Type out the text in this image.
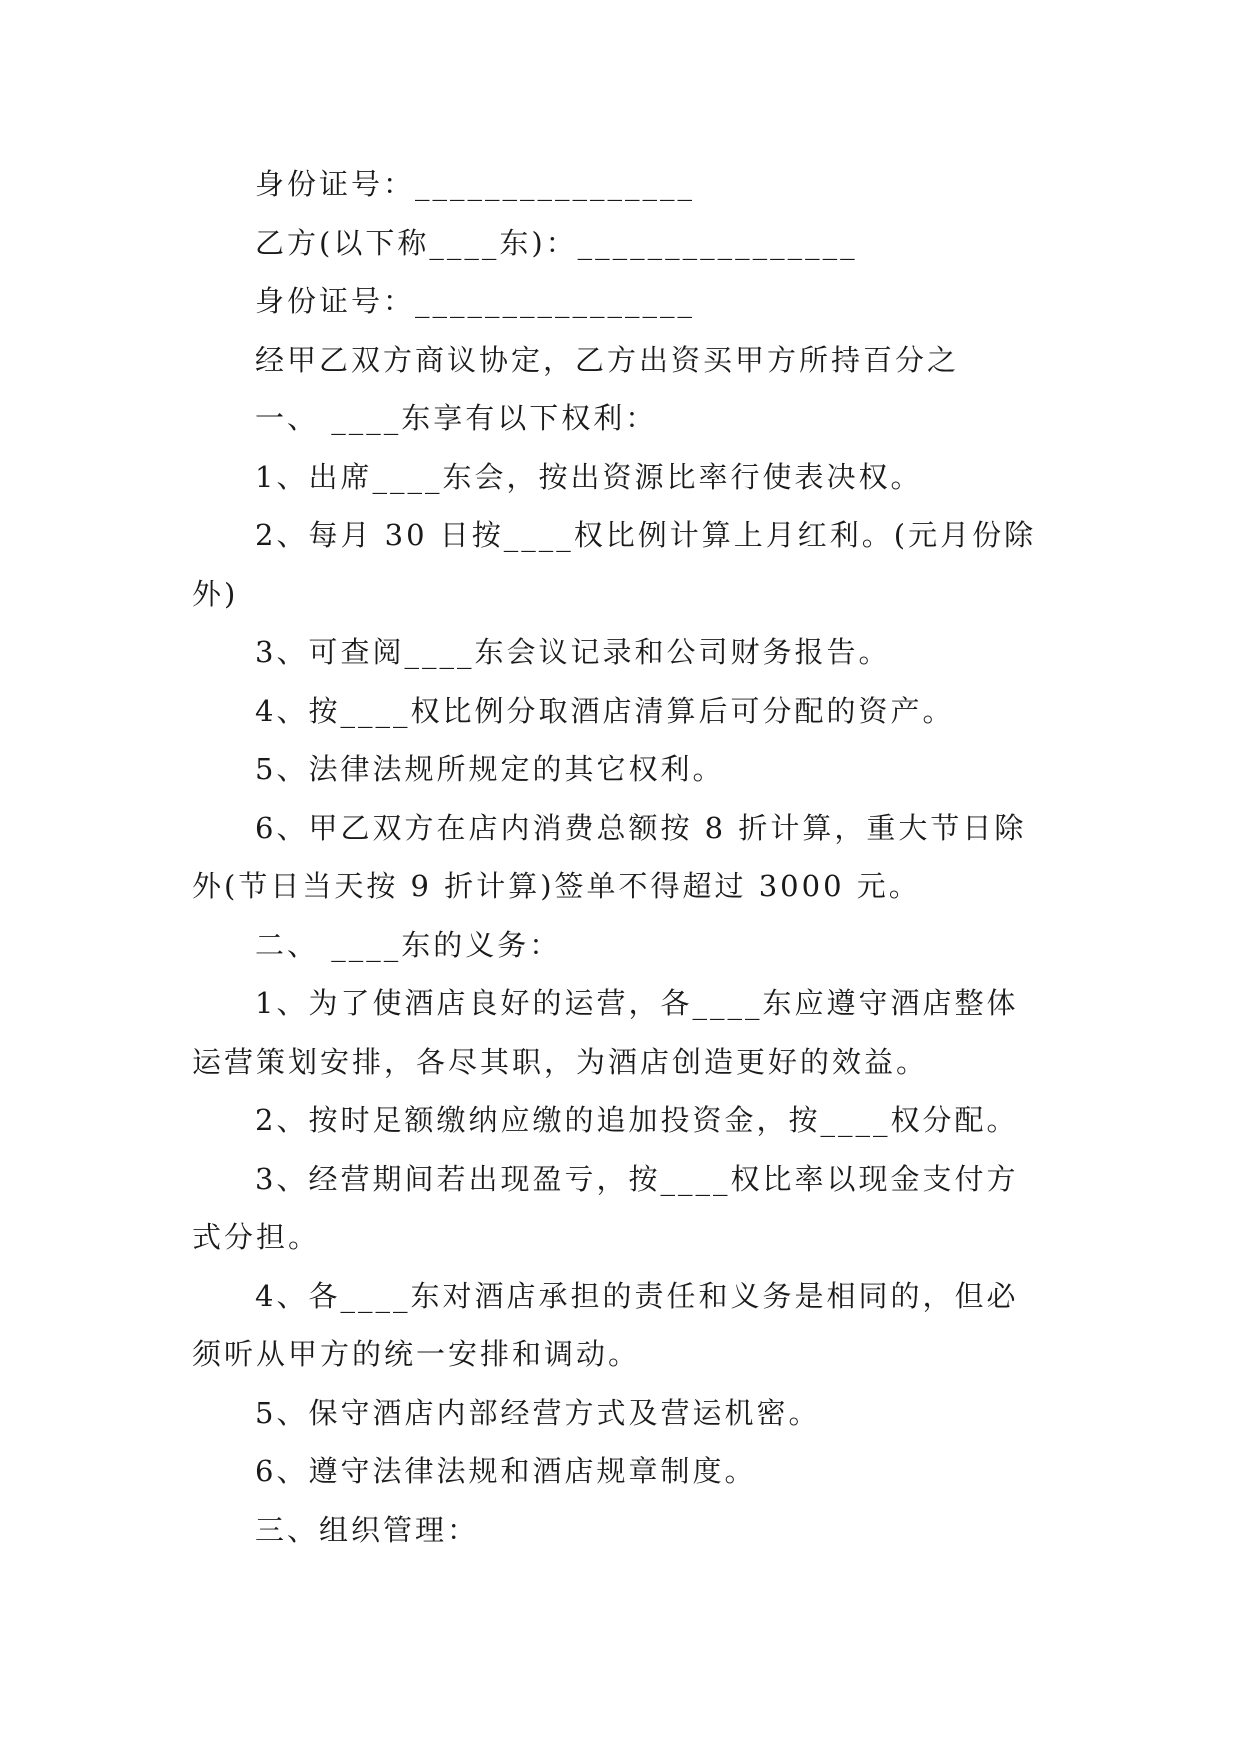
身份证号：________________
乙方(以下称____东)：________________
身份证号：________________
经甲乙双方商议协定，乙方出资买甲方所持百分之
一、 ____东享有以下权利：
1、出席____东会，按出资源比率行使表决权。
2、每月 30 日按____权比例计算上月红利。(元月份除
外)
3、可查阅____东会议记录和公司财务报告。
4、按____权比例分取酒店清算后可分配的资产。
5、法律法规所规定的其它权利。
6、甲乙双方在店内消费总额按 8 折计算，重大节日除
外(节日当天按 9 折计算)签单不得超过 3000 元。
二、 ____东的义务：
1、为了使酒店良好的运营，各____东应遵守酒店整体
运营策划安排，各尽其职，为酒店创造更好的效益。
2、按时足额缴纳应缴的追加投资金，按____权分配。
3、经营期间若出现盈亏，按____权比率以现金支付方
式分担。
4、各____东对酒店承担的责任和义务是相同的，但必
须听从甲方的统一安排和调动。
5、保守酒店内部经营方式及营运机密。
6、遵守法律法规和酒店规章制度。
三、组织管理：
